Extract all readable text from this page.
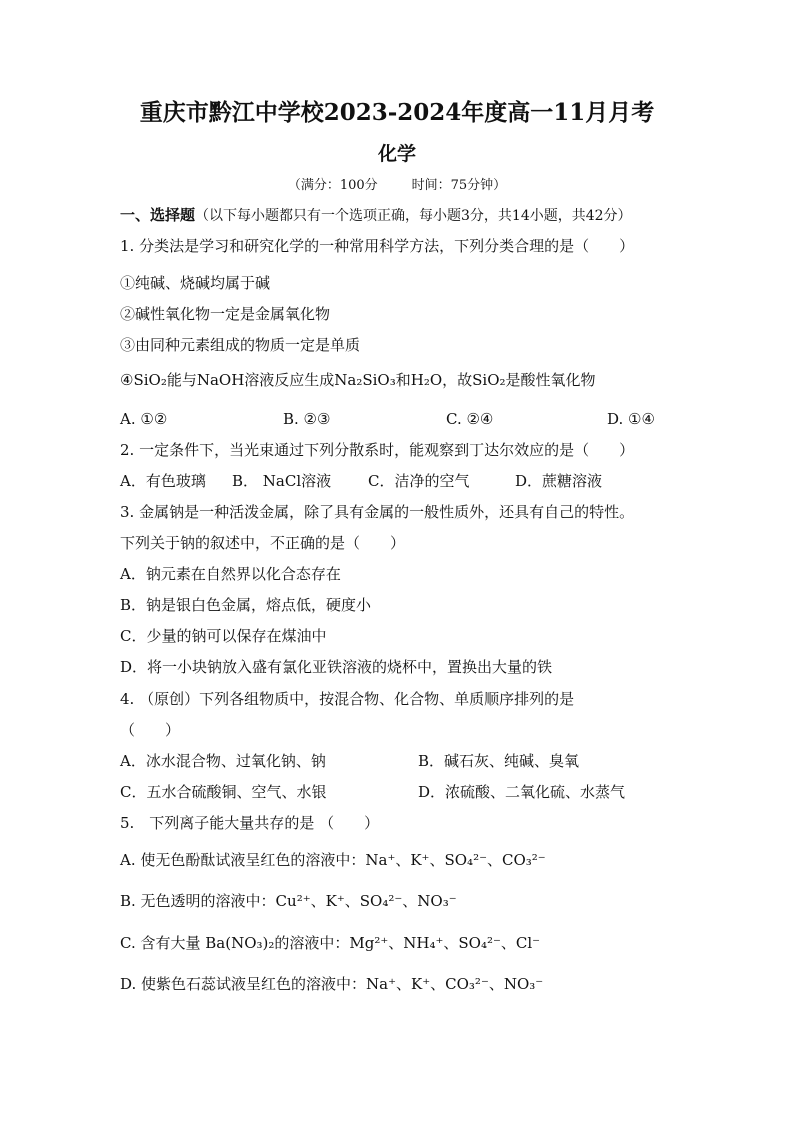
重庆市黔江中学校2023-2024年度高一11月月考
化学
（满分：100分	时间：75分钟）
一、选择题（以下每小题都只有一个选项正确，每小题3分，共14小题，共42分）
1. 分类法是学习和研究化学的一种常用科学方法，下列分类合理的是（　　）
①纯碱、烧碱均属于碱
②碱性氧化物一定是金属氧化物
③由同种元素组成的物质一定是单质
④SiO₂能与NaOH溶液反应生成Na₂SiO₃和H₂O，故SiO₂是酸性氧化物
A. ①②	B. ②③	C. ②④	D. ①④
2. 一定条件下，当光束通过下列分散系时，能观察到丁达尔效应的是（　　）
A．有色玻璃 B． NaCl溶液 C．洁净的空气	D．蔗糖溶液
3. 金属钠是一种活泼金属，除了具有金属的一般性质外，还具有自己的特性。
下列关于钠的叙述中，不正确的是（　　）
A．钠元素在自然界以化合态存在
B．钠是银白色金属，熔点低，硬度小
C．少量的钠可以保存在煤油中
D．将一小块钠放入盛有氯化亚铁溶液的烧杯中，置换出大量的铁
4. （原创）下列各组物质中，按混合物、化合物、单质顺序排列的是
（　　）
A．冰水混合物、过氧化钠、钠	B．碱石灰、纯碱、臭氧
C．五水合硫酸铜、空气、水银	D．浓硫酸、二氧化硫、水蒸气
5.　下列离子能大量共存的是 （　　）
A. 使无色酚酞试液呈红色的溶液中：Na⁺、K⁺、SO₄²⁻、CO₃²⁻
B. 无色透明的溶液中：Cu²⁺、K⁺、SO₄²⁻、NO₃⁻
C. 含有大量 Ba(NO₃)₂的溶液中：Mg²⁺、NH₄⁺、SO₄²⁻、Cl⁻
D. 使紫色石蕊试液呈红色的溶液中：Na⁺、K⁺、CO₃²⁻、NO₃⁻
